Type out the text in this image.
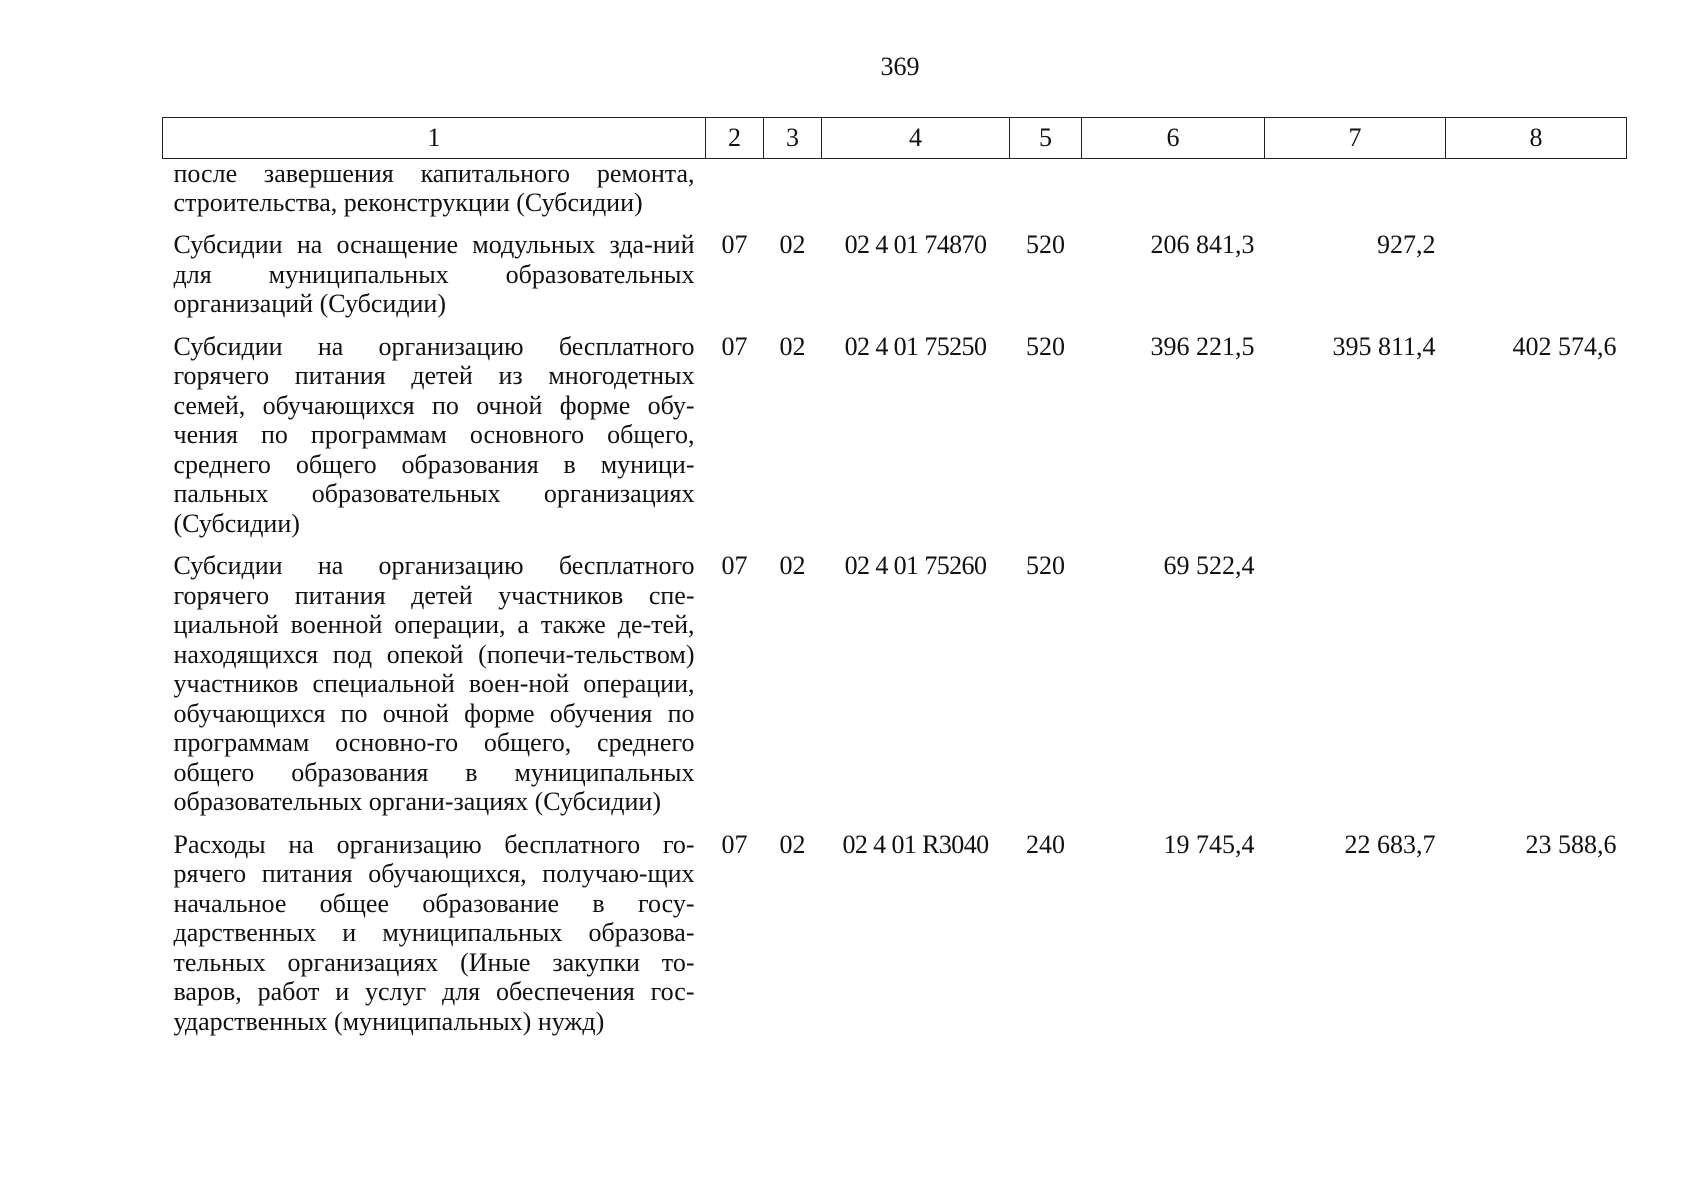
369
1	2	3	4	5	6	7	8
после завершения капитального ремонта, строительства, реконструкции (Субсидии)							
Субсидии на оснащение модульных зда-ний для муниципальных образовательных организаций (Субсидии)	07	02	02 4 01 74870	520	206 841,3	927,2	
Субсидии на организацию бесплатного горячего питания детей из многодетных семей, обучающихся по очной форме обу-чения по программам основного общего, среднего общего образования в муници-пальных образовательных организациях (Субсидии)	07	02	02 4 01 75250	520	396 221,5	395 811,4	402 574,6
Субсидии на организацию бесплатного горячего питания детей участников спе-циальной военной операции, а также де-тей, находящихся под опекой (попечи-тельством) участников специальной воен-ной операции, обучающихся по очной форме обучения по программам основно-го общего, среднего общего образования в муниципальных образовательных органи-зациях (Субсидии)	07	02	02 4 01 75260	520	69 522,4		
Расходы на организацию бесплатного го-рячего питания обучающихся, получаю-щих начальное общее образование в госу-дарственных и муниципальных образова-тельных организациях (Иные закупки то-варов, работ и услуг для обеспечения гос-ударственных (муниципальных) нужд)	07	02	02 4 01 R3040	240	19 745,4	22 683,7	23 588,6
